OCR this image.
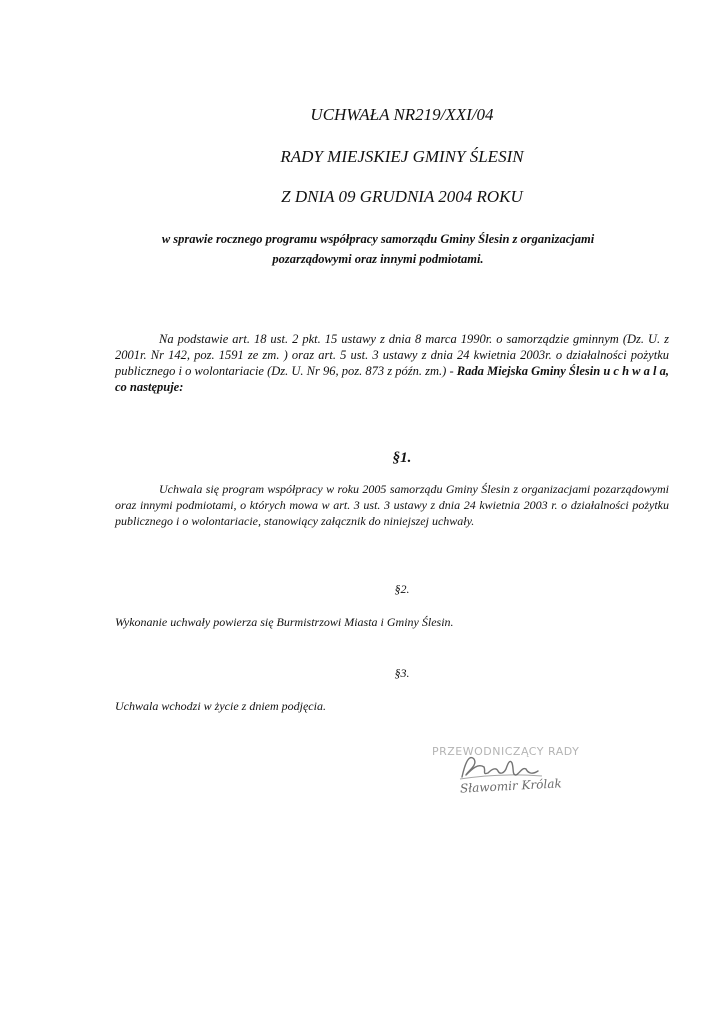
UCHWAŁA NR219/XXI/04
RADY MIEJSKIEJ GMINY ŚLESIN
Z DNIA 09 GRUDNIA 2004 ROKU
w sprawie rocznego programu współpracy samorządu Gminy Ślesin z organizacjami
pozarządowymi oraz innymi podmiotami.
Na podstawie art. 18 ust. 2 pkt. 15 ustawy z dnia 8 marca 1990r. o samorządzie gminnym (Dz. U. z 2001r. Nr 142, poz. 1591 ze zm. ) oraz art. 5 ust. 3 ustawy z dnia 24 kwietnia 2003r. o działalności pożytku publicznego i o wolontariacie (Dz. U. Nr 96, poz. 873 z późn. zm.) - Rada Miejska Gminy Ślesin u c h w a l a, co następuje:
§1.
Uchwala się program współpracy w roku 2005 samorządu Gminy Ślesin z organizacjami pozarządowymi oraz innymi podmiotami, o których mowa w art. 3 ust. 3 ustawy z dnia 24 kwietnia 2003 r. o działalności pożytku publicznego i o wolontariacie, stanowiący załącznik do niniejszej uchwały.
§2.
Wykonanie uchwały powierza się Burmistrzowi Miasta i Gminy Ślesin.
§3.
Uchwala wchodzi w życie z dniem podjęcia.
PRZEWODNICZĄCY RADY
Sławomir Królak
